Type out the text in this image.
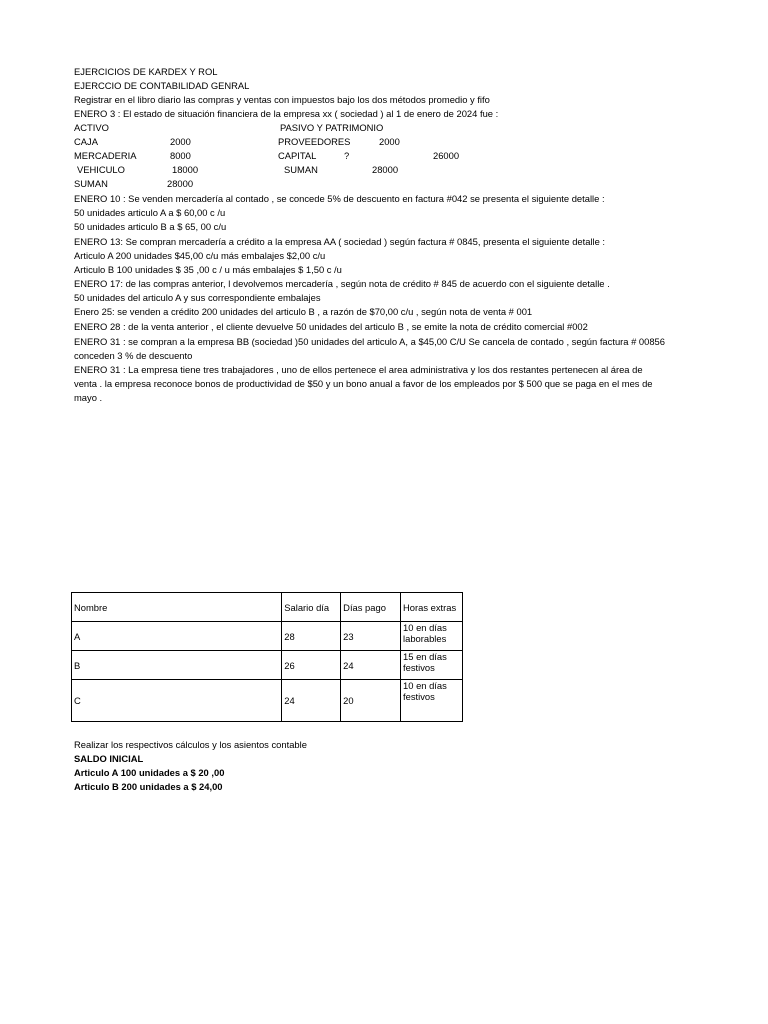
EJERCICIOS DE KARDEX Y ROL
EJERCCIO DE CONTABILIDAD GENRAL
Registrar en el libro diario las compras y ventas con impuestos bajo los dos métodos promedio y fifo
ENERO 3 : El estado de situación financiera de la empresa xx ( sociedad ) al 1 de enero de 2024 fue :
ACTIVO	PASIVO Y PATRIMONIO
CAJA	2000	PROVEEDORES	2000
MERCADERIA	8000	CAPITAL	?	26000
VEHICULO	18000	SUMAN	28000
SUMAN	28000
ENERO 10 : Se venden mercadería al contado , se concede 5% de descuento en factura #042 se presenta el siguiente detalle :
50 unidades articulo A a $ 60,00 c /u
50 unidades articulo B a $ 65, 00 c/u
ENERO 13: Se compran mercadería a crédito a la empresa AA ( sociedad ) según factura # 0845, presenta el siguiente detalle :
Articulo A 200 unidades $45,00 c/u más embalajes $2,00 c/u
Articulo B 100 unidades $ 35 ,00 c / u más embalajes $ 1,50 c /u
ENERO 17: de las compras anterior, l devolvemos mercadería , según nota de crédito # 845 de acuerdo con el siguiente detalle .
50 unidades del articulo A y sus correspondiente embalajes
Enero 25: se venden a crédito 200 unidades del articulo B , a razón de $70,00 c/u , según nota de venta # 001
ENERO 28 : de la venta anterior , el cliente devuelve 50 unidades del articulo B , se emite la nota de crédito comercial #002
ENERO 31 : se compran a la empresa BB (sociedad )50 unidades del articulo A, a $45,00 C/U Se cancela de contado , según factura # 00856
conceden 3 % de descuento
ENERO 31 : La empresa tiene tres trabajadores , uno de ellos pertenece el area administrativa y los dos restantes pertenecen al área de
venta . la empresa reconoce bonos de productividad de $50 y un bono anual a favor de los empleados por $ 500 que se paga en el mes de
mayo .
Nombre	Salario día	Días pago	Horas extras
A	28	23	10 en días laborables
B	26	24	15 en días festivos
C	24	20	10 en días festivos
Realizar los respectivos cálculos y los asientos contable
SALDO INICIAL
Articulo A 100 unidades a $ 20 ,00
Articulo B 200 unidades a $ 24,00
